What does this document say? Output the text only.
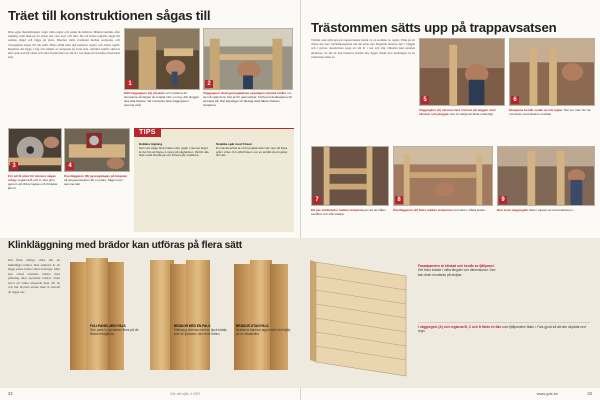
Träet till konstruktionen sågas till
Dina egna förutsättningar avgör vilka reglar och plank du behöver. Måtten bestäms efter sågning, men tänk på att virket ska vara torrt och rakt. De två första reglarna sågas till samma längd och läggs på plats. Därefter mäts avståndet mellan stolparna, och tvärreglarna kapas till rätt mått. Börja alltid med den nedersta regeln och arbeta uppåt. Reglarna ska ligga i våg och stödjas av stolparna på varje sida. Använd rostfria skruvar eller spik som tål väder och vind. Kontrollera att allt är i lod innan du fortsätter med nästa steg.
1	2
Håll vägguppen (A) på plats och markera för skruvarna så läppet du önskar rätt i en fog, där plugget ska sitta fastare. Så monteras hela vägguppen i samma nivå.
Vägguppen skall genregalatsas uppvägen samma nivåer om de två sparrarna. Det är för garnstolpar. Förbered ändkaparna för att kapa på. När kapvägen är färdiga skall läkten fästas i stolparna.
3	4
För att få plats för järnens sågas urtag i reglarna B och C. Det görs genom att ribbor kapas och fördelas jämnt.
Överläggaren (B) genregalagas på tärgelen så att gavelstolpen får en plats. Sågen kör i samma takt.
TIPS
Enklare tågning
När man sågar flera brädor eller reglar i samma längd är det bra att fästa en stopp på sågbänken. Då blir alla bitar exakt lika långa och arbetet går snabbare.
Snabba spår med friisen
En handöverfräs är ett bra hjälpmedel när man vill fräsa spår i virket. Kör alltid fräsen mot en anhåll så att spåret blir rakt.
32	Gör det själv 4 2007
Trästommen sätts upp på trappavsatsen
Trätriet som sätts upp på trappavsatsen består av en stomme av reglar. Tänk på att virket ska vara tryckimpregnerat om det sitter ute. Reglarna skruvas fast i väggen och i golvet. Kontrollera noga att allt är i lod och våg. Därefter kan panelen monteras. Se till att den nedersta brädan inte ligger direkt mot underlaget så att vatten kan rinna av.
5	6
Väggreglen (A) skruvas fast i hörnet på väggen med skruvar och pluggar. Det är viktigt att fästa ordentligt.
Stolparna består sedan av två reglar. Här ser man hur de monteras med distans emellan.
7	8	9
Ett par stödbrädor mellan stolparna gör att de håller avstånd och står stadigt.
Överläggaren (C) fästs mellan stolparna med skruv i båda ändar.	Den sista väggregeln fästs i toppen av konstruktionen.
33
www.gds.se
Klinkläggning med brädor kan utföras på flera sätt
Det finns många olika sätt att klinklägga brädor. Den enklaste är att lägga plana brädor med överlapp. Man kan också använda brädor med pålsning eller spontade brädor. Valet beror på vilket utseende man vill ha och hur mycket arbete man är beredd att lägga ner.
FULLPANEL MED PALS
Den panel vi använder finns på de flesta brädgårdar.
BRÄDOR MED EN PALS
Klinkning hemma med en tjock bräda som är tjockare i den övre delen.
BRÄDOR UTAN PALS
Brädorna hamnar lagom tätt med hjälp av en distanslist.
Fasadpanelen är klinkad och består av fjällpanel. Det finns brädor i olika längder och dimensioner. Den kan även monteras på stolpar.
I väggregeln (A) och reglarna B, C och D fästs en fals som fjällpanelen fästs i. Fals gjord så att den skyddar mot regn.
